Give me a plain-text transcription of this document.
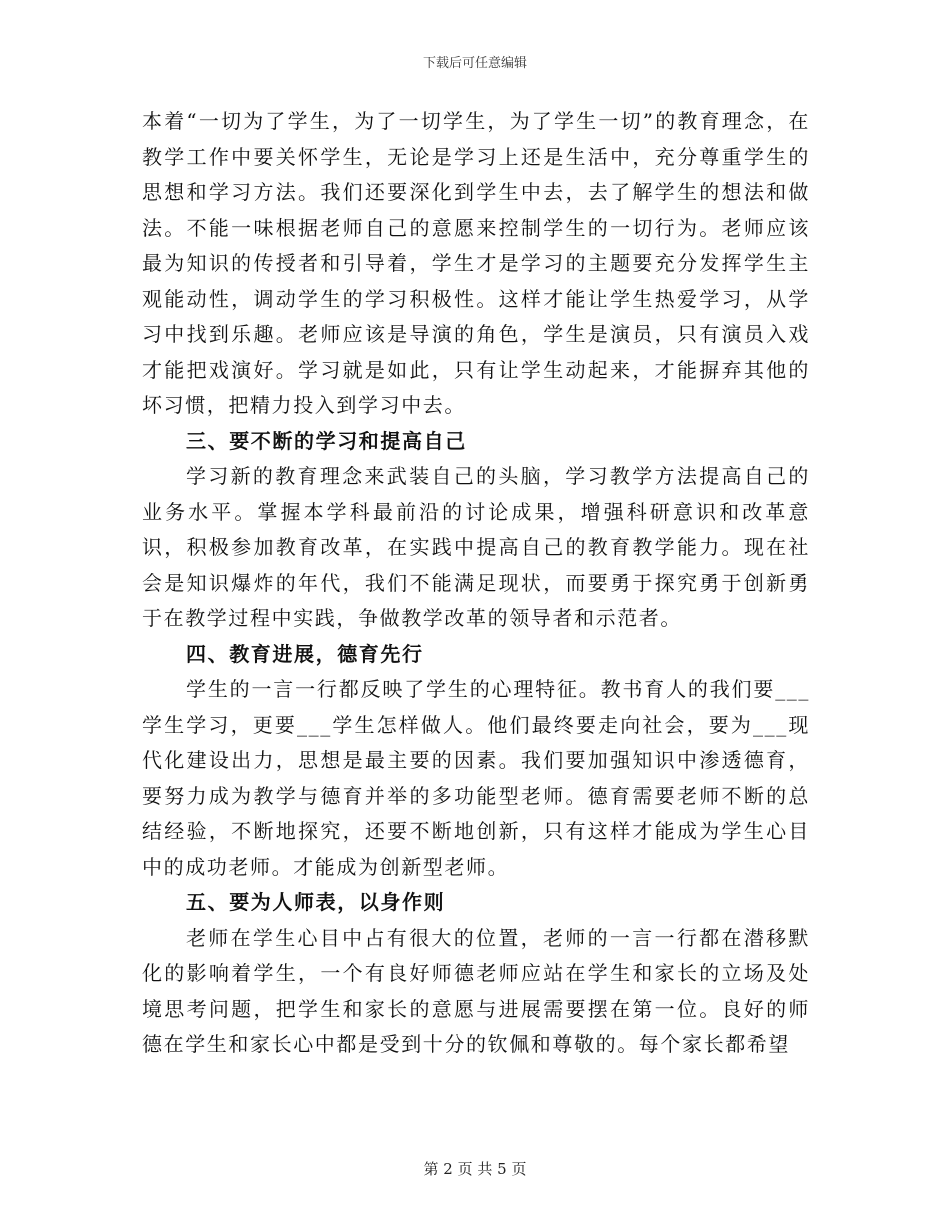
下载后可任意编辑

本着“一切为了学生，为了一切学生，为了学生一切”的教育理念，在教学工作中要关怀学生，无论是学习上还是生活中，充分尊重学生的思想和学习方法。我们还要深化到学生中去，去了解学生的想法和做法。不能一味根据老师自己的意愿来控制学生的一切行为。老师应该最为知识的传授者和引导着，学生才是学习的主题要充分发挥学生主观能动性，调动学生的学习积极性。这样才能让学生热爱学习，从学习中找到乐趣。老师应该是导演的角色，学生是演员，只有演员入戏才能把戏演好。学习就是如此，只有让学生动起来，才能摒弃其他的坏习惯，把精力投入到学习中去。

三、要不断的学习和提高自己

学习新的教育理念来武装自己的头脑，学习教学方法提高自己的业务水平。掌握本学科最前沿的讨论成果，增强科研意识和改革意识，积极参加教育改革，在实践中提高自己的教育教学能力。现在社会是知识爆炸的年代，我们不能满足现状，而要勇于探究勇于创新勇于在教学过程中实践，争做教学改革的领导者和示范者。

四、教育进展，德育先行

学生的一言一行都反映了学生的心理特征。教书育人的我们要___学生学习，更要___学生怎样做人。他们最终要走向社会，要为___现代化建设出力，思想是最主要的因素。我们要加强知识中渗透德育，要努力成为教学与德育并举的多功能型老师。德育需要老师不断的总结经验，不断地探究，还要不断地创新，只有这样才能成为学生心目中的成功老师。才能成为创新型老师。

五、要为人师表，以身作则

老师在学生心目中占有很大的位置，老师的一言一行都在潜移默化的影响着学生，一个有良好师德老师应站在学生和家长的立场及处境思考问题，把学生和家长的意愿与进展需要摆在第一位。良好的师德在学生和家长心中都是受到十分的钦佩和尊敬的。每个家长都希望

第 2 页 共 5 页
